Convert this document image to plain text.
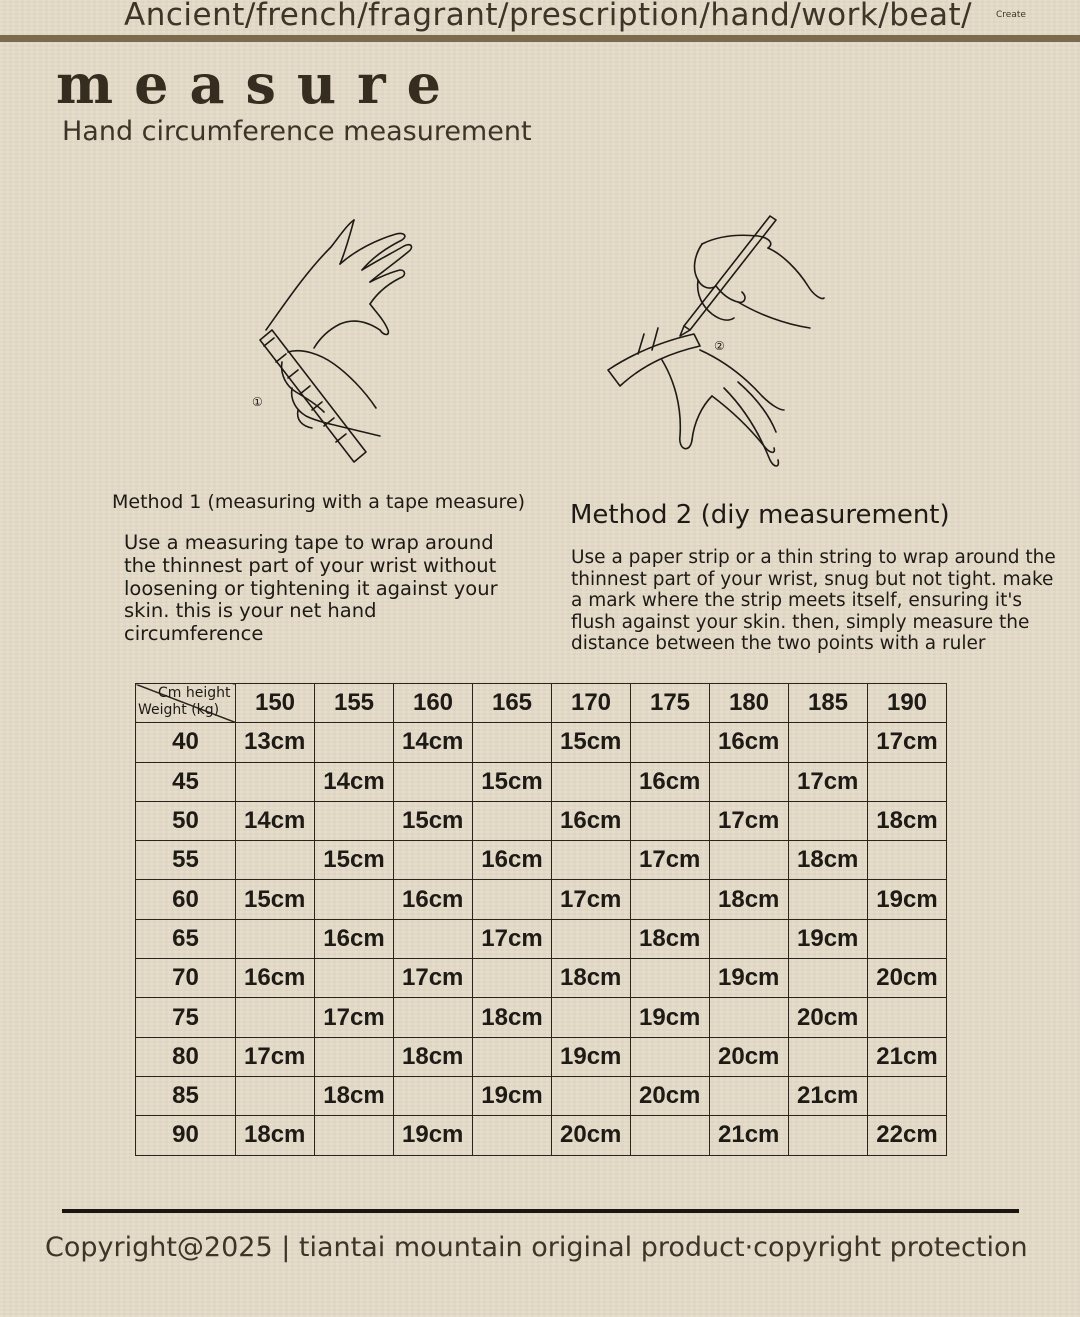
Ancient/french/fragrant/prescription/hand/work/beat/	Create
measure
Hand circumference measurement
①
②
Method 1 (measuring with a tape measure)
Use a measuring tape to wrap around the thinnest part of your wrist without loosening or tightening it against your skin. this is your net hand circumference
Method 2 (diy measurement)
Use a paper strip or a thin string to wrap around the thinnest part of your wrist, snug but not tight. make a mark where the strip meets itself, ensuring it's flush against your skin. then, simply measure the distance between the two points with a ruler
Cm height
Weight (kg)	150	155	160	165	170	175	180	185	190
40	13cm		14cm		15cm		16cm		17cm
45		14cm		15cm		16cm		17cm	
50	14cm		15cm		16cm		17cm		18cm
55		15cm		16cm		17cm		18cm	
60	15cm		16cm		17cm		18cm		19cm
65		16cm		17cm		18cm		19cm	
70	16cm		17cm		18cm		19cm		20cm
75		17cm		18cm		19cm		20cm	
80	17cm		18cm		19cm		20cm		21cm
85		18cm		19cm		20cm		21cm	
90	18cm		19cm		20cm		21cm		22cm
Copyright@2025 | tiantai mountain original product·copyright protection
